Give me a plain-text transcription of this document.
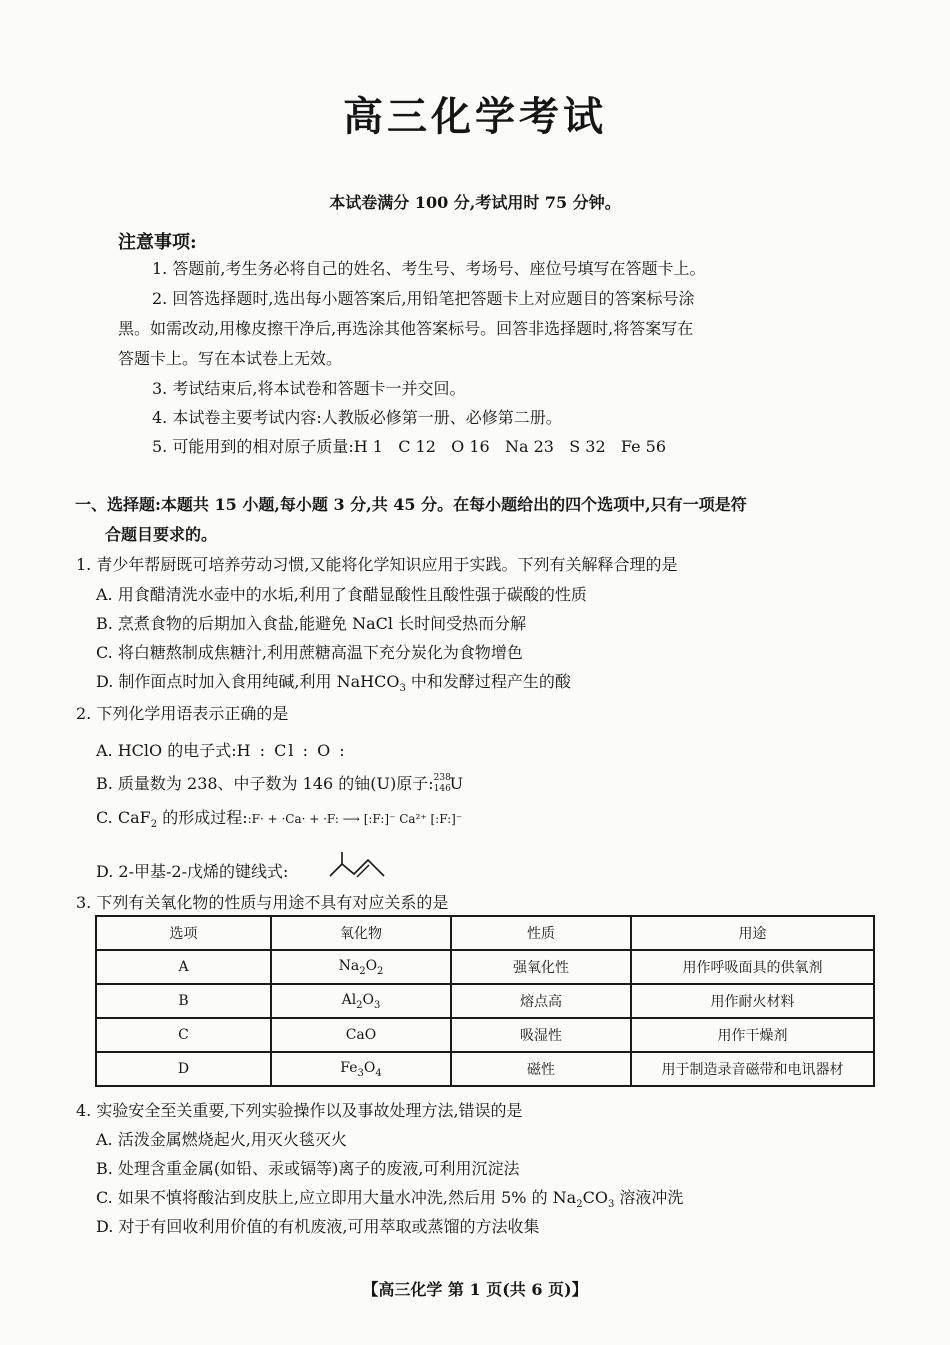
高三化学考试
本试卷满分 100 分,考试用时 75 分钟。
注意事项:
1. 答题前,考生务必将自己的姓名、考生号、考场号、座位号填写在答题卡上。
2. 回答选择题时,选出每小题答案后,用铅笔把答题卡上对应题目的答案标号涂
黑。如需改动,用橡皮擦干净后,再选涂其他答案标号。回答非选择题时,将答案写在
答题卡上。写在本试卷上无效。
3. 考试结束后,将本试卷和答题卡一并交回。
4. 本试卷主要考试内容:人教版必修第一册、必修第二册。
5. 可能用到的相对原子质量:H 1   C 12   O 16   Na 23   S 32   Fe 56
一、选择题:本题共 15 小题,每小题 3 分,共 45 分。在每小题给出的四个选项中,只有一项是符
合题目要求的。
1. 青少年帮厨既可培养劳动习惯,又能将化学知识应用于实践。下列有关解释合理的是
A. 用食醋清洗水壶中的水垢,利用了食醋显酸性且酸性强于碳酸的性质
B. 烹煮食物的后期加入食盐,能避免 NaCl 长时间受热而分解
C. 将白糖熬制成焦糖汁,利用蔗糖高温下充分炭化为食物增色
D. 制作面点时加入食用纯碱,利用 NaHCO$_3$ 中和发酵过程产生的酸
2. 下列化学用语表示正确的是
A. HClO 的电子式:H : Cl : O :
B. 质量数为 238、中子数为 146 的铀(U)原子: 238
146
U
C. CaF$_2$ 的形成过程::F· + ·Ca· + ·F: ⟶ [:F:]⁻ Ca²⁺ [:F:]⁻
D. 2-甲基-2-戊烯的键线式:
3. 下列有关氧化物的性质与用途不具有对应关系的是
选项	氧化物	性质	用途
A	$Na_2O_2$	强氧化性	用作呼吸面具的供氧剂
B	$Al_2O_3$	熔点高	用作耐火材料
C	CaO	吸湿性	用作干燥剂
D	$Fe_3O_4$	磁性	用于制造录音磁带和电讯器材
4. 实验安全至关重要,下列实验操作以及事故处理方法,错误的是
A. 活泼金属燃烧起火,用灭火毯灭火
B. 处理含重金属(如铅、汞或镉等)离子的废液,可利用沉淀法
C. 如果不慎将酸沾到皮肤上,应立即用大量水冲洗,然后用 5% 的 $Na_2CO_3$ 溶液冲洗
D. 对于有回收利用价值的有机废液,可用萃取或蒸馏的方法收集
【高三化学 第 1 页(共 6 页)】
